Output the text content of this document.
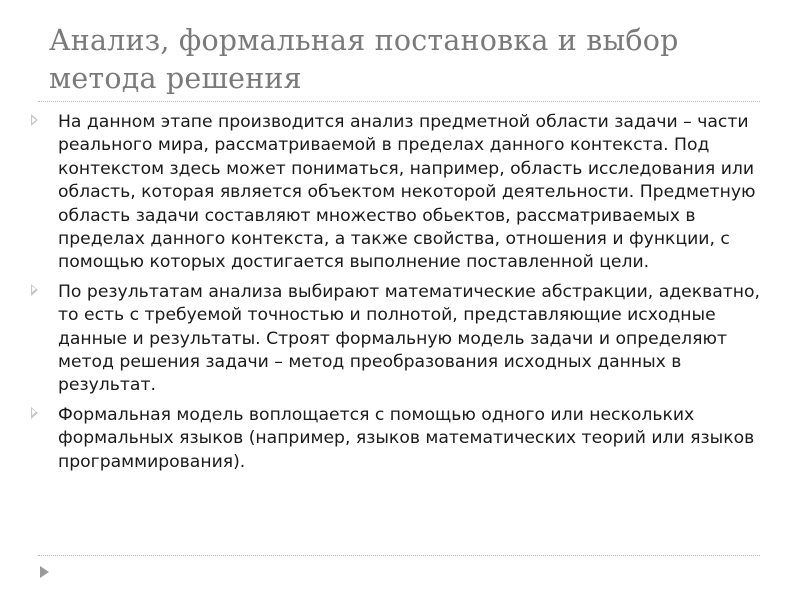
Анализ, формальная постановка и выбор метода решения
На данном этапе производится анализ предметной области задачи – части реального мира, рассматриваемой в пределах данного контекста. Под контекстом здесь может пониматься, например, область исследования или область, которая является объектом некоторой деятельности. Предметную область задачи составляют множество обьектов, рассматриваемых в пределах данного контекста, а также свойства, отношения и функции, с помощью которых достигается выполнение поставленной цели.
По результатам анализа выбирают математические абстракции, адекватно, то есть с требуемой точностью и полнотой, представляющие исходные данные и результаты. Строят формальную модель задачи и определяют метод решения задачи – метод преобразования исходных данных в результат.
Формальная модель воплощается с помощью одного или нескольких формальных языков (например, языков математических теорий или языков программирования).
